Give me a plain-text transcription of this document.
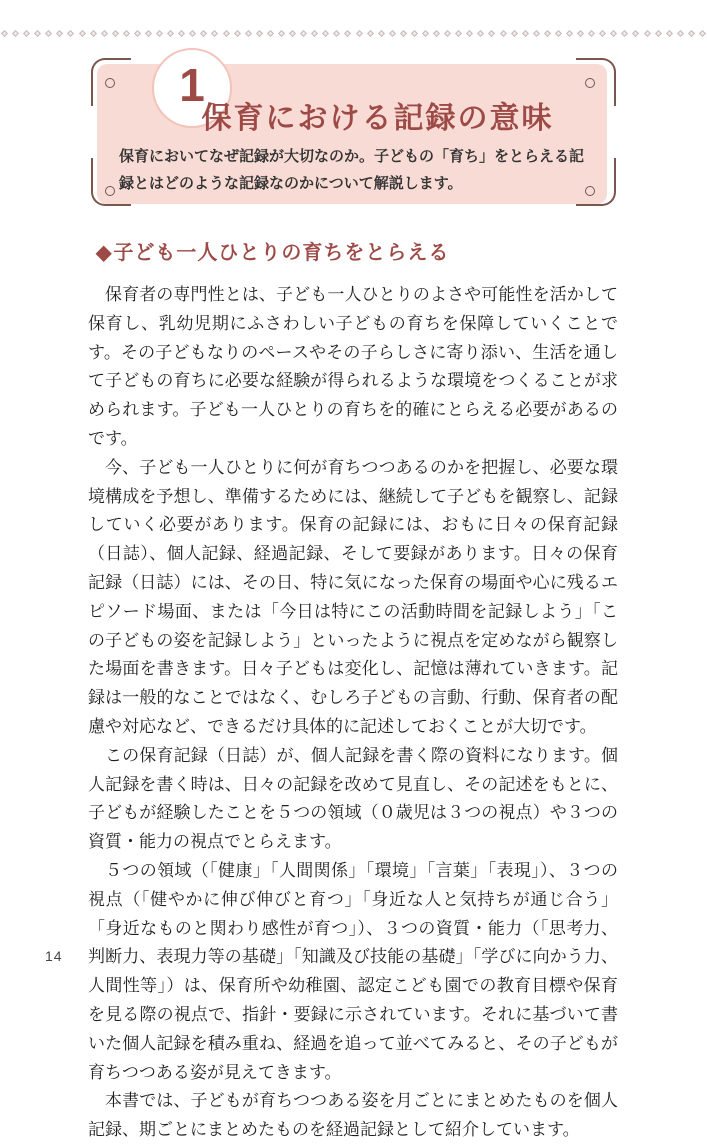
1
保育における記録の意味

保育においてなぜ記録が大切なのか。子どもの「育ち」をとらえる記録とはどのような記録なのかについて解説します。

◆子ども一人ひとりの育ちをとらえる

保育者の専門性とは、子ども一人ひとりのよさや可能性を活かして保育し、乳幼児期にふさわしい子どもの育ちを保障していくことです。その子どもなりのペースやその子らしさに寄り添い、生活を通して子どもの育ちに必要な経験が得られるような環境をつくることが求められます。子ども一人ひとりの育ちを的確にとらえる必要があるのです。

今、子ども一人ひとりに何が育ちつつあるのかを把握し、必要な環境構成を予想し、準備するためには、継続して子どもを観察し、記録していく必要があります。保育の記録には、おもに日々の保育記録（日誌）、個人記録、経過記録、そして要録があります。日々の保育記録（日誌）には、その日、特に気になった保育の場面や心に残るエピソード場面、または「今日は特にこの活動時間を記録しよう」「この子どもの姿を記録しよう」といったように視点を定めながら観察した場面を書きます。日々子どもは変化し、記憶は薄れていきます。記録は一般的なことではなく、むしろ子どもの言動、行動、保育者の配慮や対応など、できるだけ具体的に記述しておくことが大切です。

この保育記録（日誌）が、個人記録を書く際の資料になります。個人記録を書く時は、日々の記録を改めて見直し、その記述をもとに、子どもが経験したことを５つの領域（０歳児は３つの視点）や３つの資質・能力の視点でとらえます。

５つの領域（「健康」「人間関係」「環境」「言葉」「表現」）、３つの視点（「健やかに伸び伸びと育つ」「身近な人と気持ちが通じ合う」「身近なものと関わり感性が育つ」）、３つの資質・能力（「思考力、判断力、表現力等の基礎」「知識及び技能の基礎」「学びに向かう力、人間性等」）は、保育所や幼稚園、認定こども園での教育目標や保育を見る際の視点で、指針・要録に示されています。それに基づいて書いた個人記録を積み重ね、経過を追って並べてみると、その子どもが育ちつつある姿が見えてきます。

本書では、子どもが育ちつつある姿を月ごとにまとめたものを個人記録、期ごとにまとめたものを経過記録として紹介しています。

14
